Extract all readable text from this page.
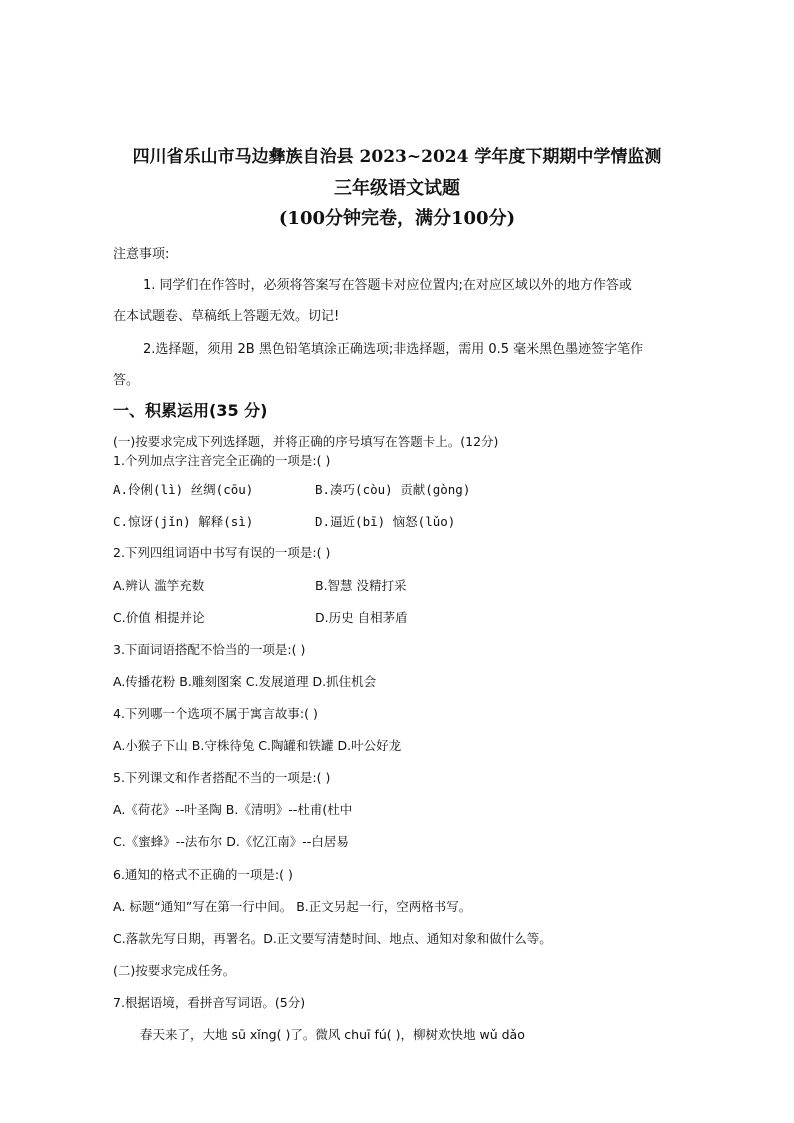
四川省乐山市马边彝族自治县 2023~2024 学年度下期期中学情监测
三年级语文试题
(100分钟完卷，满分100分)
注意事项:
1. 同学们在作答时，必须将答案写在答题卡对应位置内;在对应区域以外的地方作答或
在本试题卷、草稿纸上答题无效。切记!
2.选择题，须用 2B 黑色铅笔填涂正确选项;非选择题，需用 0.5 毫米黑色墨迹签字笔作
答。
一、积累运用(35 分)
(一)按要求完成下列选择题，并将正确的序号填写在答题卡上。(12分)
1.个列加点字注音完全正确的一项是:( )
A.伶俐(lì) 丝绸(cōu)	B.凑巧(còu) 贡献(gòng)
C.惊讶(jǐn) 解释(sì)	D.逼近(bī) 恼怒(lǔo)
2.下列四组词语中书写有误的一项是:( )
A.辨认 滥竽充数	B.智慧 没精打采
C.价值 相提并论	D.历史 自相茅盾
3.下面词语搭配不恰当的一项是:( )
A.传播花粉 B.雕刻图案 C.发展道理 D.抓住机会
4.下列哪一个选项不属于寓言故事:( )
A.小猴子下山 B.守株待兔 C.陶罐和铁罐 D.叶公好龙
5.下列课文和作者搭配不当的一项是:( )
A.《荷花》--叶圣陶 B.《清明》--杜甫(杜中
C.《蜜蜂》--法布尔 D.《忆江南》--白居易
6.通知的格式不正确的一项是:( )
A. 标题“通知”写在第一行中间。 B.正文另起一行，空两格书写。
C.落款先写日期，再署名。D.正文要写清楚时间、地点、通知对象和做什么等。
(二)按要求完成任务。
7.根据语境，看拼音写词语。(5分)
春天来了，大地 sū xǐng( )了。微风 chuī fú( )，柳树欢快地 wǔ dǎo
